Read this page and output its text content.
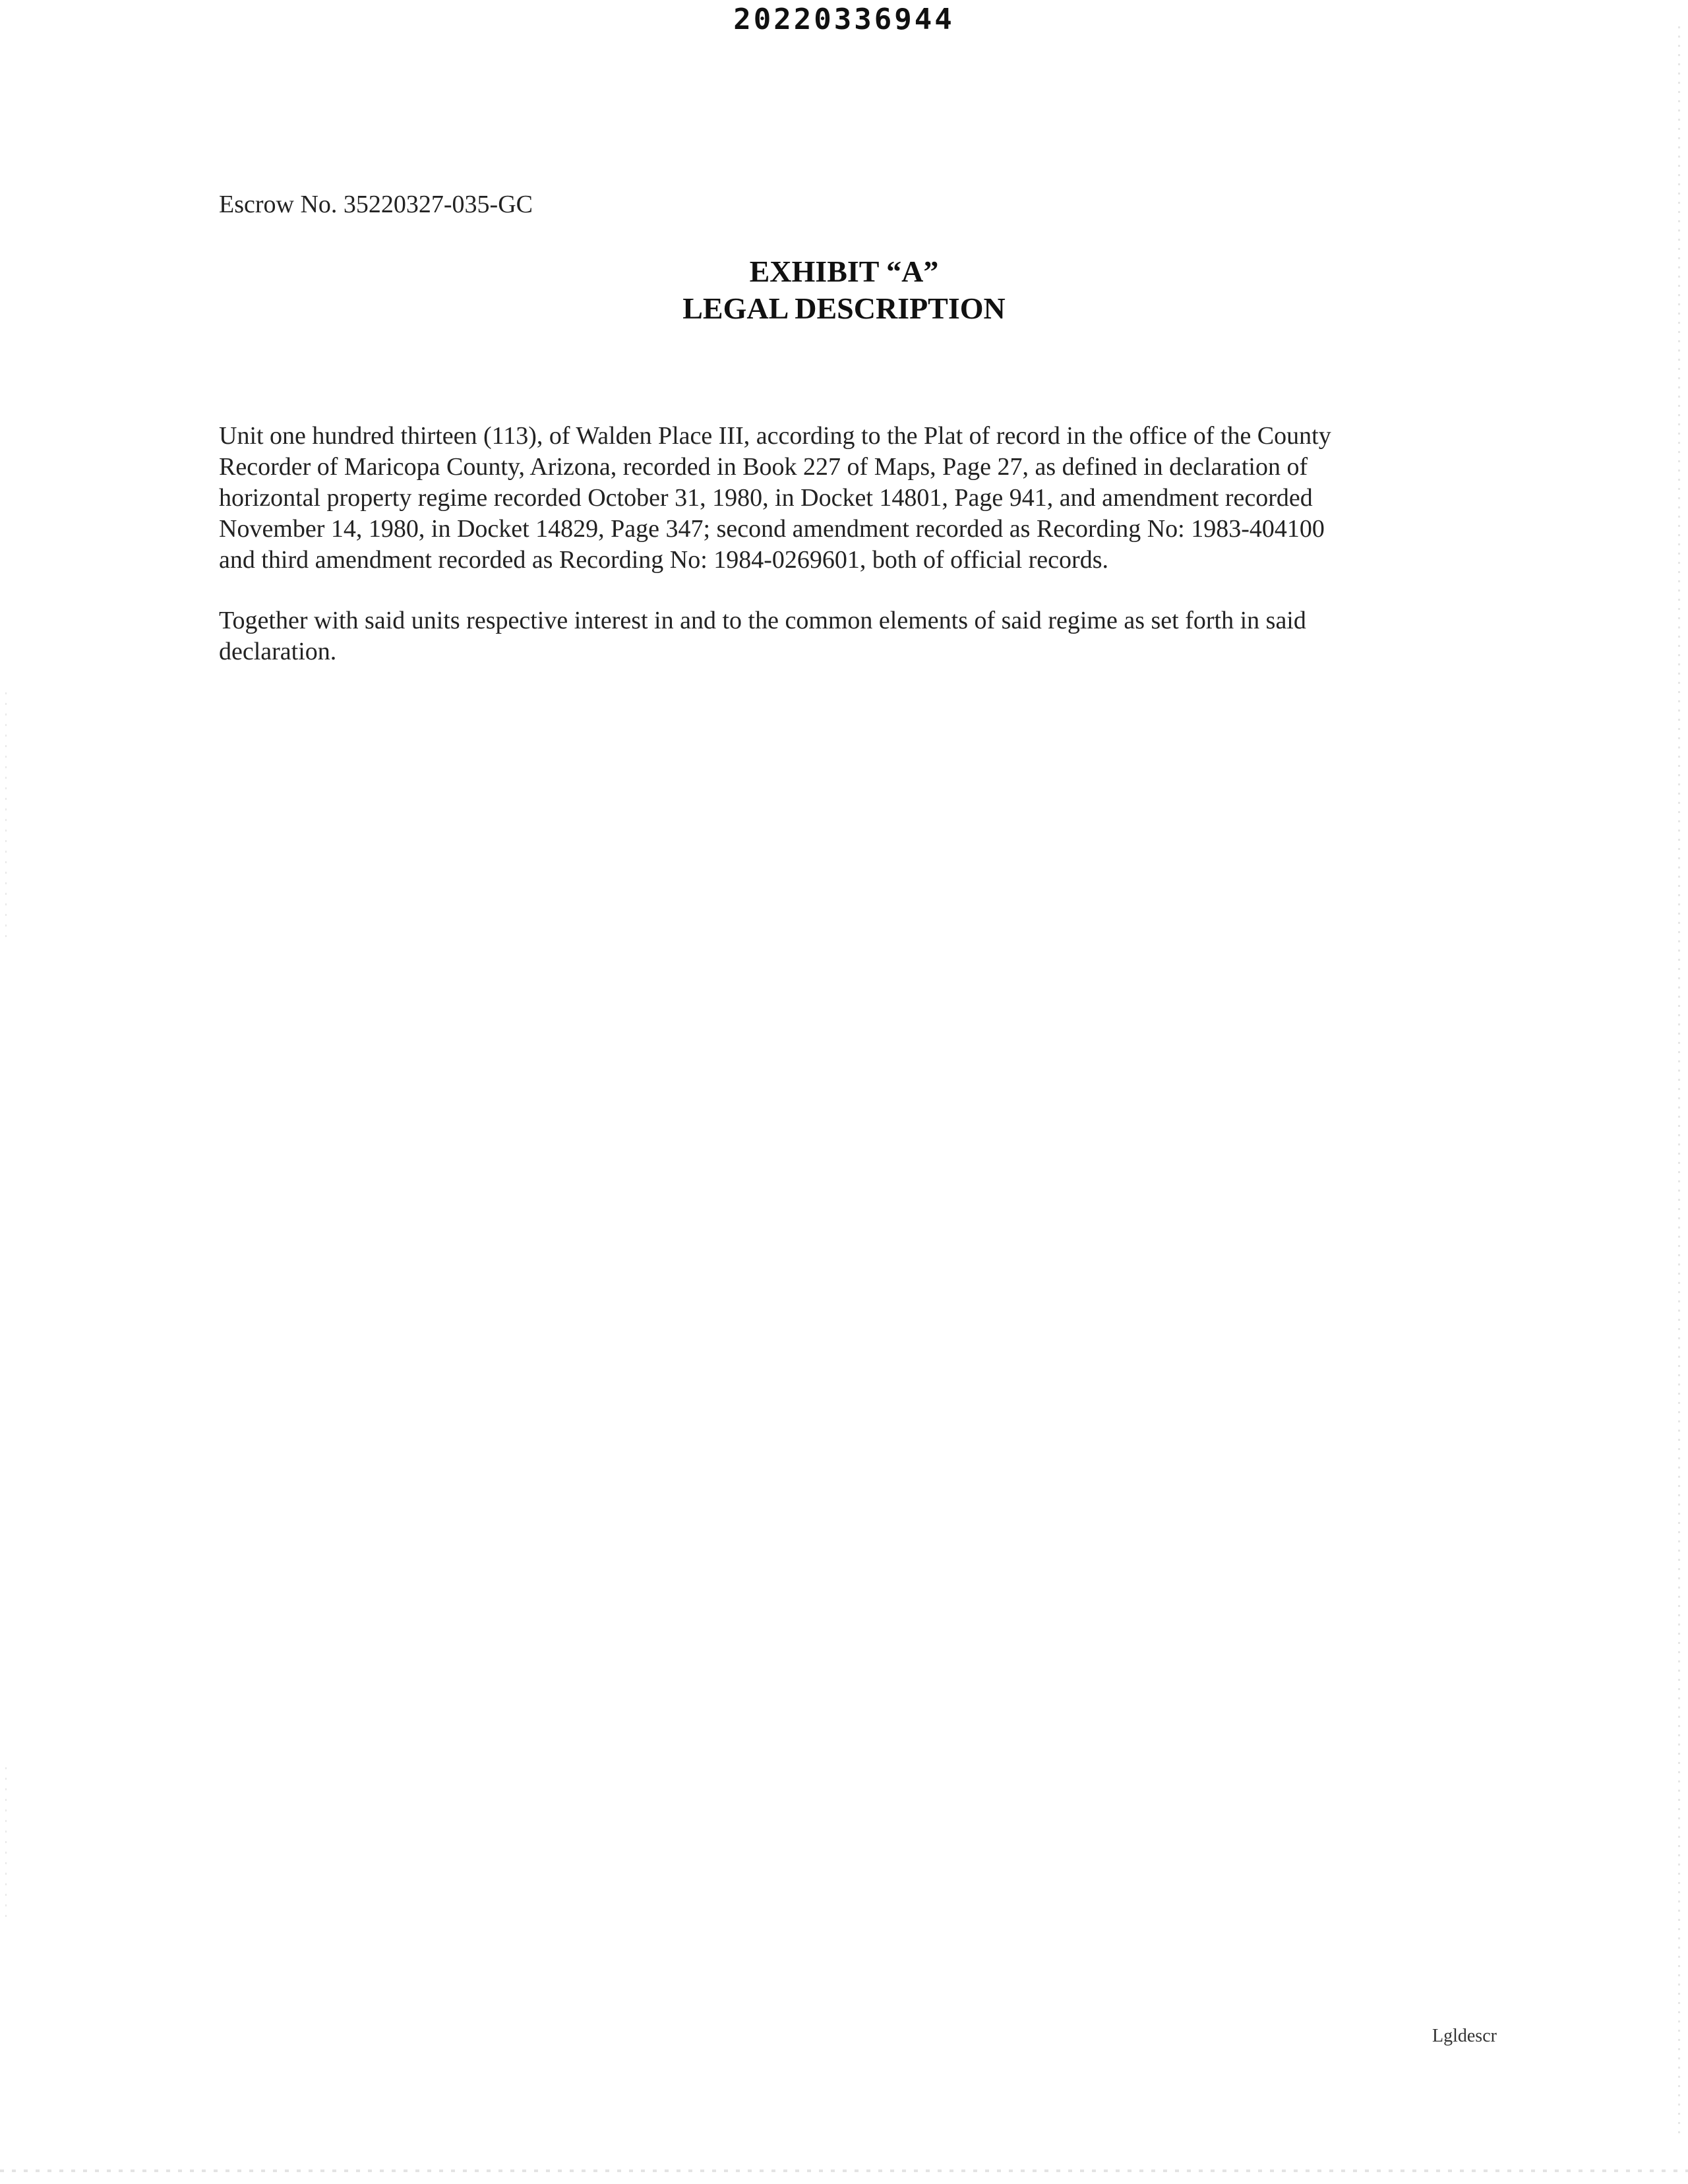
20220336944
Escrow No. 35220327-035-GC
EXHIBIT “A”
LEGAL DESCRIPTION
Unit one hundred thirteen (113), of Walden Place III, according to the Plat of record in the office of the County
Recorder of Maricopa County, Arizona, recorded in Book 227 of Maps, Page 27, as defined in declaration of
horizontal property regime recorded October 31, 1980, in Docket 14801, Page 941, and amendment recorded
November 14, 1980, in Docket 14829, Page 347; second amendment recorded as Recording No: 1983-404100
and third amendment recorded as Recording No: 1984-0269601, both of official records.
Together with said units respective interest in and to the common elements of said regime as set forth in said
declaration.
Lgldescr
